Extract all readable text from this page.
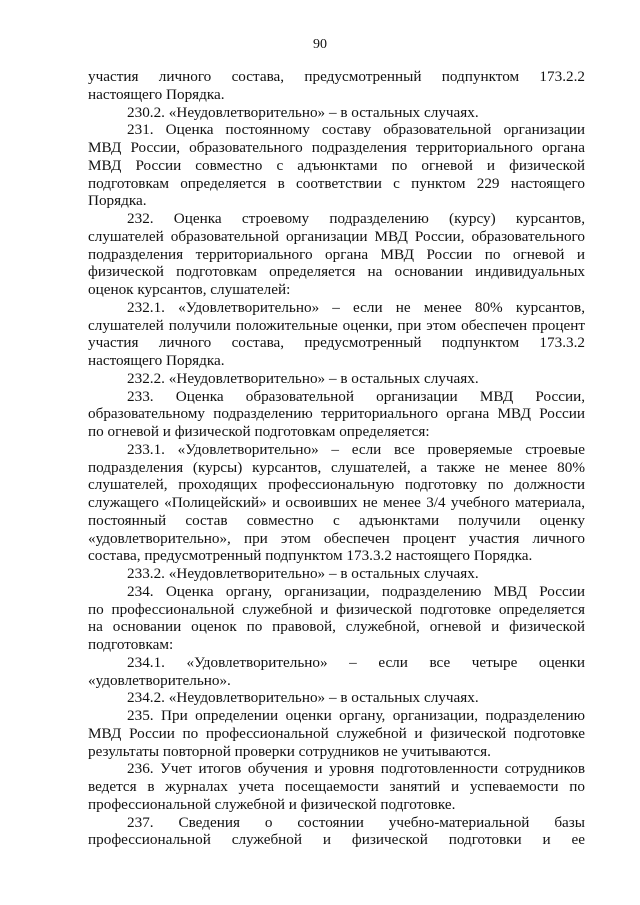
90
участия личного состава, предусмотренный подпунктом 173.2.2
настоящего Порядка.
230.2. «Неудовлетворительно» – в остальных случаях.
231. Оценка постоянному составу образовательной организации
МВД России, образовательного подразделения территориального органа
МВД России совместно с адъюнктами по огневой и физической
подготовкам определяется в соответствии с пунктом 229 настоящего
Порядка.
232. Оценка строевому подразделению (курсу) курсантов,
слушателей образовательной организации МВД России, образовательного
подразделения территориального органа МВД России по огневой и
физической подготовкам определяется на основании индивидуальных
оценок курсантов, слушателей:
232.1. «Удовлетворительно» – если не менее 80% курсантов,
слушателей получили положительные оценки, при этом обеспечен процент
участия личного состава, предусмотренный подпунктом 173.3.2
настоящего Порядка.
232.2. «Неудовлетворительно» – в остальных случаях.
233. Оценка образовательной организации МВД России,
образовательному подразделению территориального органа МВД России
по огневой и физической подготовкам определяется:
233.1. «Удовлетворительно» – если все проверяемые строевые
подразделения (курсы) курсантов, слушателей, а также не менее 80%
слушателей, проходящих профессиональную подготовку по должности
служащего «Полицейский» и освоивших не менее 3/4 учебного материала,
постоянный состав совместно с адъюнктами получили оценку
«удовлетворительно», при этом обеспечен процент участия личного
состава, предусмотренный подпунктом 173.3.2 настоящего Порядка.
233.2. «Неудовлетворительно» – в остальных случаях.
234. Оценка органу, организации, подразделению МВД России
по профессиональной служебной и физической подготовке определяется
на основании оценок по правовой, служебной, огневой и физической
подготовкам:
234.1. «Удовлетворительно» – если все четыре оценки
«удовлетворительно».
234.2. «Неудовлетворительно» – в остальных случаях.
235. При определении оценки органу, организации, подразделению
МВД России по профессиональной служебной и физической подготовке
результаты повторной проверки сотрудников не учитываются.
236. Учет итогов обучения и уровня подготовленности сотрудников
ведется в журналах учета посещаемости занятий и успеваемости по
профессиональной служебной и физической подготовке.
237. Сведения о состоянии учебно-материальной базы
профессиональной служебной и физической подготовки и ее
